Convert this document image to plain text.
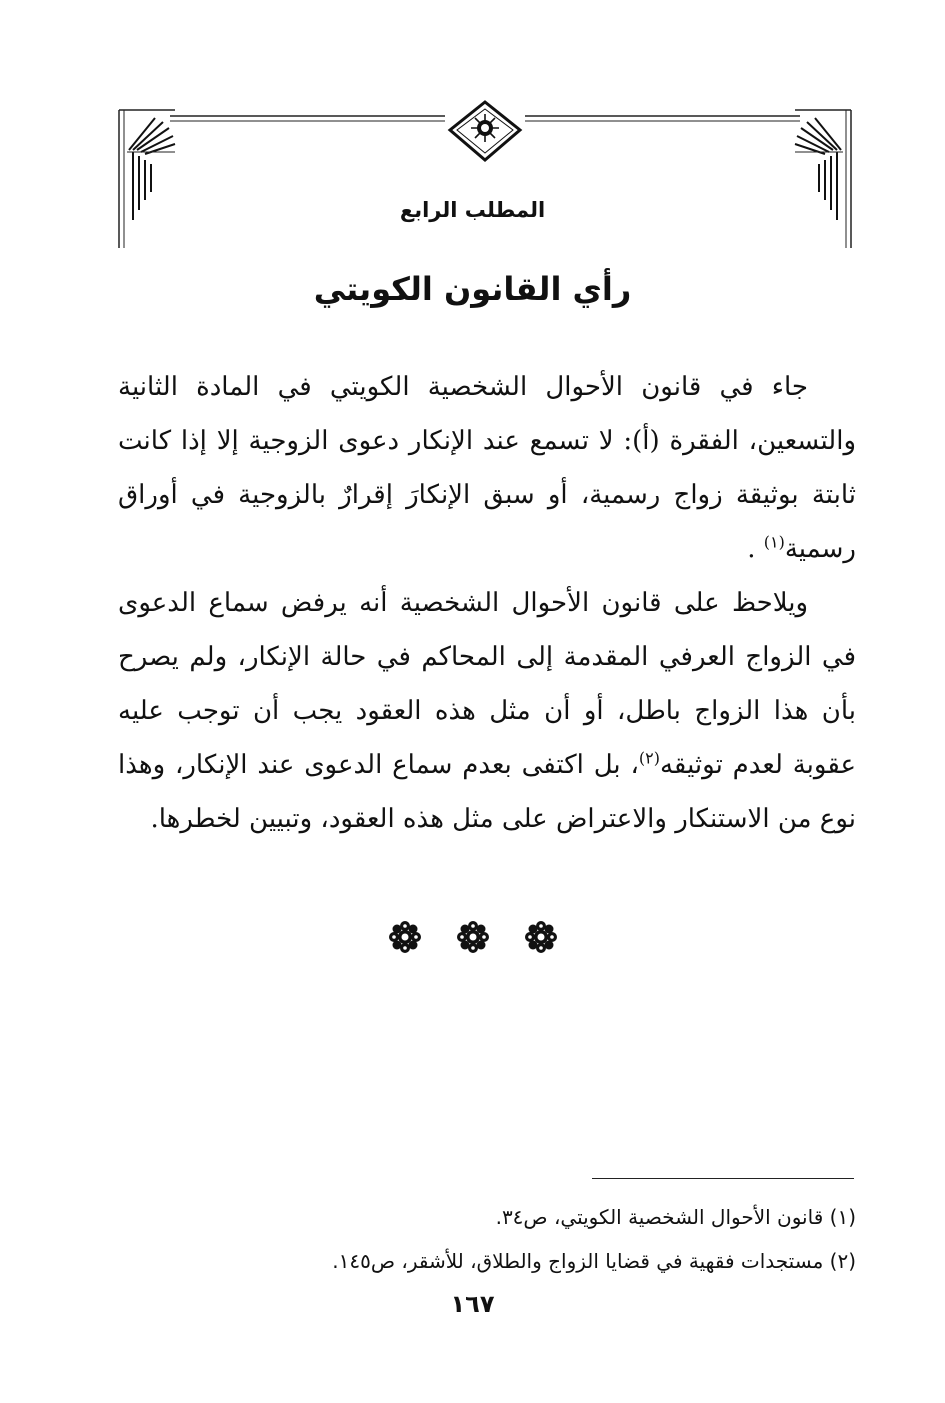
المطلب الرابع
رأي القانون الكويتي

جاء في قانون الأحوال الشخصية الكويتي في المادة الثانية والتسعين، الفقرة (أ): لا تسمع عند الإنكار دعوى الزوجية إلا إذا كانت ثابتة بوثيقة زواج رسمية، أو سبق الإنكارَ إقرارٌ بالزوجية في أوراق رسمية$^{(١)}$ .

ويلاحظ على قانون الأحوال الشخصية أنه يرفض سماع الدعوى في الزواج العرفي المقدمة إلى المحاكم في حالة الإنكار، ولم يصرح بأن هذا الزواج باطل، أو أن مثل هذه العقود يجب أن توجب عليه عقوبة لعدم توثيقه$^{(٢)}$، بل اكتفى بعدم سماع الدعوى عند الإنكار، وهذا نوع من الاستنكار والاعتراض على مثل هذه العقود، وتبيين لخطرها.

(١) قانون الأحوال الشخصية الكويتي، ص٣٤.
(٢) مستجدات فقهية في قضايا الزواج والطلاق، للأشقر، ص١٤٥.
١٦٧
